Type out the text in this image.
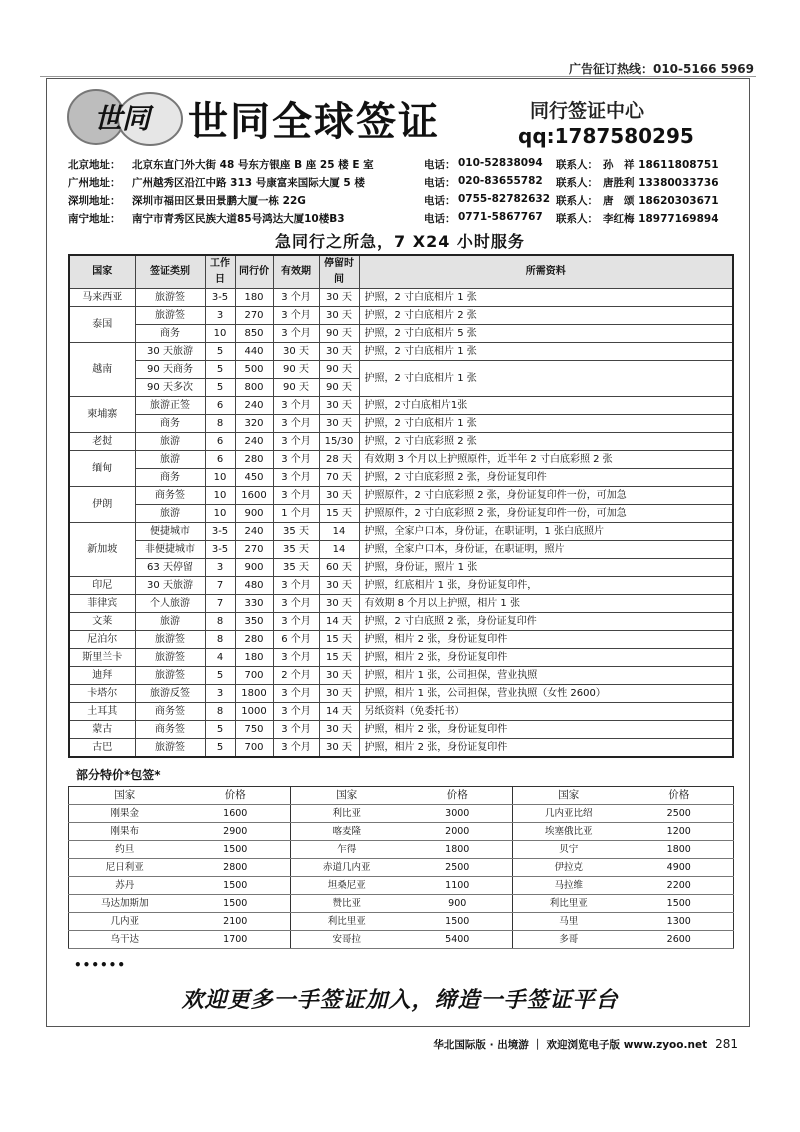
广告征订热线：010-5166 5969
世同 世同全球签证	同行签证中心
qq:1787580295
北京地址： 北京东直门外大街 48 号东方银座 B 座 25 楼 E 室	电话： 010-52838094 联系人： 孙　祥 18611808751
广州地址： 广州越秀区沿江中路 313 号康富来国际大厦 5 楼	电话： 020-83655782 联系人： 唐胜利 13380033736
深圳地址： 深圳市福田区景田景鹏大厦一栋 22G	电话： 0755-82782632 联系人： 唐　颂 18620303671
南宁地址： 南宁市青秀区民族大道85号鸿达大厦10楼B3	电话： 0771-5867767 联系人： 李红梅 18977169894
急同行之所急，7 X24 小时服务
国家	签证类别	工作日	同行价	有效期	停留时间	所需资料
马来西亚	旅游签	3-5	180	3 个月	30 天	护照，2 寸白底相片 1 张
泰国	旅游签	3	270	3 个月	30 天	护照，2 寸白底相片 2 张
	商务	10	850	3 个月	90 天	护照，2 寸白底相片 5 张
越南	30 天旅游	5	440	30 天	30 天	护照，2 寸白底相片 1 张
	90 天商务	5	500	90 天	90 天	护照，2 寸白底相片 1 张
	90 天多次	5	800	90 天	90 天	
柬埔寨	旅游正签	6	240	3 个月	30 天	护照，2寸白底相片1张
	商务	8	320	3 个月	30 天	护照，2 寸白底相片 1 张
老挝	旅游	6	240	3 个月	15/30	护照，2 寸白底彩照 2 张
缅甸	旅游	6	280	3 个月	28 天	有效期 3 个月以上护照原件，近半年 2 寸白底彩照 2 张
	商务	10	450	3 个月	70 天	护照，2 寸白底彩照 2 张，身份证复印件
伊朗	商务签	10	1600	3 个月	30 天	护照原件，2 寸白底彩照 2 张，身份证复印件一份，可加急
	旅游	10	900	1 个月	15 天	护照原件，2 寸白底彩照 2 张，身份证复印件一份，可加急
新加坡	便捷城市	3-5	240	35 天	14	护照，全家户口本，身份证，在职证明，1 张白底照片
	非便捷城市	3-5	270	35 天	14	护照，全家户口本，身份证，在职证明，照片
	63 天停留	3	900	35 天	60 天	护照，身份证，照片 1 张
印尼	30 天旅游	7	480	3 个月	30 天	护照，红底相片 1 张，身份证复印件，
菲律宾	个人旅游	7	330	3 个月	30 天	有效期 8 个月以上护照，相片 1 张
文莱	旅游	8	350	3 个月	14 天	护照，2 寸白底照 2 张，身份证复印件
尼泊尔	旅游签	8	280	6 个月	15 天	护照，相片 2 张，身份证复印件
斯里兰卡	旅游签	4	180	3 个月	15 天	护照，相片 2 张，身份证复印件
迪拜	旅游签	5	700	2 个月	30 天	护照，相片 1 张，公司担保，营业执照
卡塔尔	旅游反签	3	1800	3 个月	30 天	护照，相片 1 张，公司担保，营业执照（女性 2600）
土耳其	商务签	8	1000	3 个月	14 天	另纸资料（免委托书）
蒙古	商务签	5	750	3 个月	30 天	护照，相片 2 张，身份证复印件
古巴	旅游签	5	700	3 个月	30 天	护照，相片 2 张，身份证复印件
部分特价*包签*
国家	价格	国家	价格	国家	价格
刚果金	1600	利比亚	3000	几内亚比绍	2500
刚果布	2900	喀麦隆	2000	埃塞俄比亚	1200
约旦	1500	乍得	1800	贝宁	1800
尼日利亚	2800	赤道几内亚	2500	伊拉克	4900
苏丹	1500	坦桑尼亚	1100	马拉维	2200
马达加斯加	1500	赞比亚	900	利比里亚	1500
几内亚	2100	利比里亚	1500	马里	1300
乌干达	1700	安哥拉	5400	多哥	2600
••••••
欢迎更多一手签证加入，缔造一手签证平台
华北国际版 · 出境游 ｜ 欢迎浏览电子版 www.zyoo.net 281
